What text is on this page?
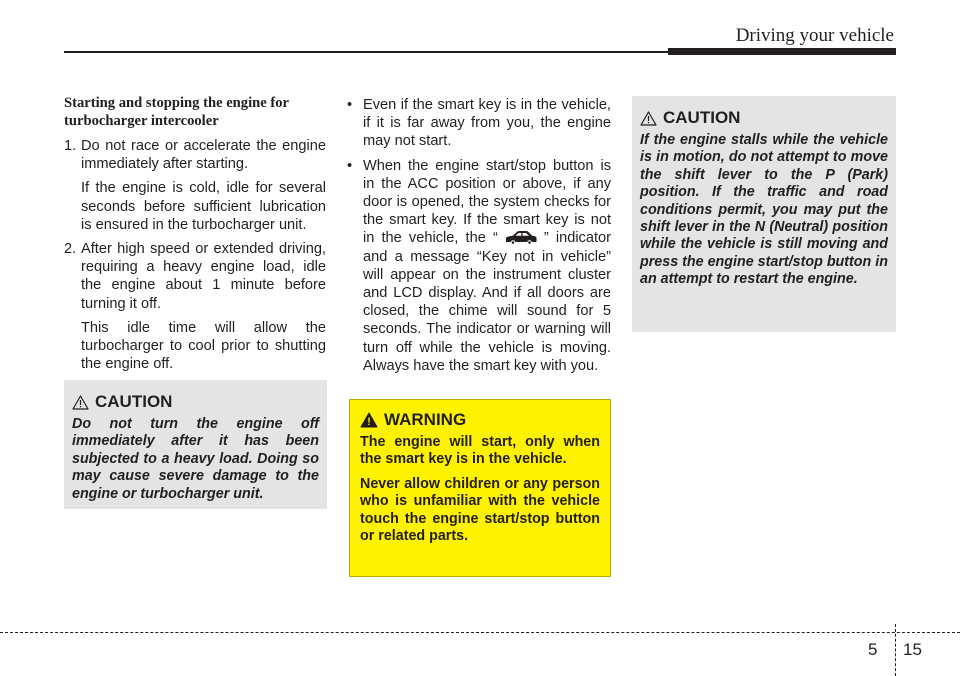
Driving your vehicle
Starting and stopping the engine for turbocharger intercooler
1. Do not race or accelerate the engine immediately after starting.

If the engine is cold, idle for several seconds before sufficient lubrication is ensured in the turbocharger unit.

2. After high speed or extended driving, requiring a heavy engine load, idle the engine about 1 minute before turning it off.

This idle time will allow the turbocharger to cool prior to shutting the engine off.

CAUTION
Do not turn the engine off immediately after it has been subjected to a heavy load. Doing so may cause severe damage to the engine or turbocharger unit.
• Even if the smart key is in the vehicle, if it is far away from you, the engine may not start.
• When the engine start/stop button is in the ACC position or above, if any door is opened, the system checks for the smart key. If the smart key is not in the vehicle, the “	” indicator and a message “Key not in vehicle” will appear on the instrument cluster and LCD display. And if all doors are closed, the chime will sound for 5 seconds. The indicator or warning will turn off while the vehicle is moving. Always have the smart key with you.
WARNING

The engine will start, only when the smart key is in the vehicle.

Never allow children or any person who is unfamiliar with the vehicle touch the engine start/stop button or related parts.

CAUTION
If the engine stalls while the vehicle is in motion, do not attempt to move the shift lever to the P (Park) position. If the traffic and road conditions permit, you may put the shift lever in the N (Neutral) position while the vehicle is still moving and press the engine start/stop button in an attempt to restart the engine.
5 15
